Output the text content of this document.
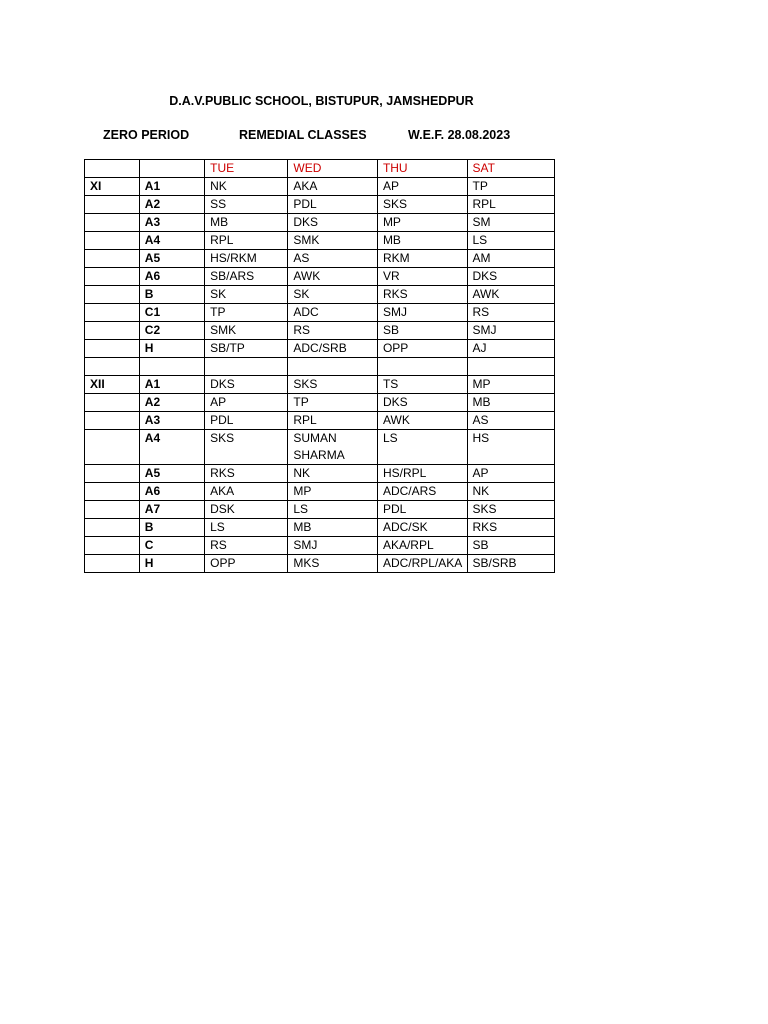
D.A.V.PUBLIC SCHOOL, BISTUPUR, JAMSHEDPUR
ZERO PERIOD	REMEDIAL CLASSES	W.E.F. 28.08.2023
		TUE	WED	THU	SAT
XI	A1	NK	AKA	AP	TP
	A2	SS	PDL	SKS	RPL
	A3	MB	DKS	MP	SM
	A4	RPL	SMK	MB	LS
	A5	HS/RKM	AS	RKM	AM
	A6	SB/ARS	AWK	VR	DKS
	B	SK	SK	RKS	AWK
	C1	TP	ADC	SMJ	RS
	C2	SMK	RS	SB	SMJ
	H	SB/TP	ADC/SRB	OPP	AJ

XII	A1	DKS	SKS	TS	MP
	A2	AP	TP	DKS	MB
	A3	PDL	RPL	AWK	AS
	A4	SKS	SUMAN SHARMA	LS	HS
	A5	RKS	NK	HS/RPL	AP
	A6	AKA	MP	ADC/ARS	NK
	A7	DSK	LS	PDL	SKS
	B	LS	MB	ADC/SK	RKS
	C	RS	SMJ	AKA/RPL	SB
	H	OPP	MKS	ADC/RPL/AKA	SB/SRB
